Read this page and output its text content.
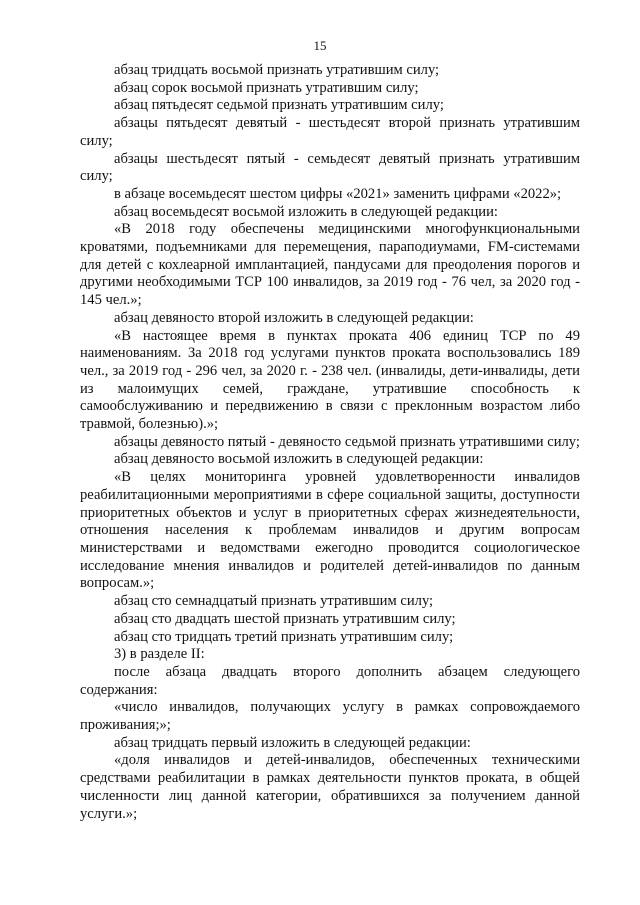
15

абзац тридцать восьмой признать утратившим силу;

абзац сорок восьмой признать утратившим силу;

абзац пятьдесят седьмой признать утратившим силу;

абзацы пятьдесят девятый - шестьдесят второй признать утратившим силу;

абзацы шестьдесят пятый - семьдесят девятый признать утратившим силу;

в абзаце восемьдесят шестом цифры «2021» заменить цифрами «2022»;

абзац восемьдесят восьмой изложить в следующей редакции:

«В 2018 году обеспечены медицинскими многофункциональными кроватями, подъемниками для перемещения, параподиумами, FM-системами для детей с кохлеарной имплантацией, пандусами для преодоления порогов и другими необходимыми ТСР 100 инвалидов, за 2019 год - 76 чел, за 2020 год - 145 чел.»;

абзац девяносто второй изложить в следующей редакции:

«В настоящее время в пунктах проката 406 единиц ТСР по 49 наименованиям. За 2018 год услугами пунктов проката воспользовались 189 чел., за 2019 год - 296 чел, за 2020 г. - 238 чел. (инвалиды, дети-инвалиды, дети из малоимущих семей, граждане, утратившие способность к самообслуживанию и передвижению в связи с преклонным возрастом либо травмой, болезнью).»;

абзацы девяносто пятый - девяносто седьмой признать утратившими силу;

абзац девяносто восьмой изложить в следующей редакции:

«В целях мониторинга уровней удовлетворенности инвалидов реабилитационными мероприятиями в сфере социальной защиты, доступности приоритетных объектов и услуг в приоритетных сферах жизнедеятельности, отношения населения к проблемам инвалидов и другим вопросам министерствами и ведомствами ежегодно проводится социологическое исследование мнения инвалидов и родителей детей-инвалидов по данным вопросам.»;

абзац сто семнадцатый признать утратившим силу;

абзац сто двадцать шестой признать утратившим силу;

абзац сто тридцать третий признать утратившим силу;

3) в разделе II:

после абзаца двадцать второго дополнить абзацем следующего содержания:

«число инвалидов, получающих услугу в рамках сопровождаемого проживания;»;

абзац тридцать первый изложить в следующей редакции:

«доля инвалидов и детей-инвалидов, обеспеченных техническими средствами реабилитации в рамках деятельности пунктов проката, в общей численности лиц данной категории, обратившихся за получением данной услуги.»;
